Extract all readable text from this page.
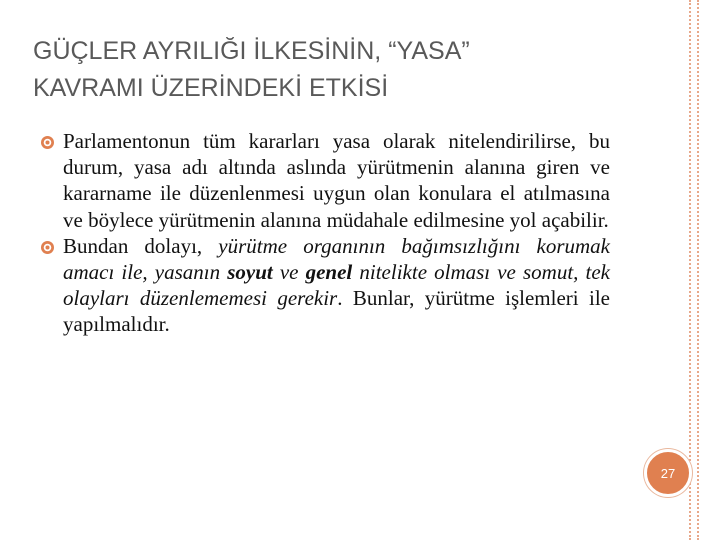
GÜÇLER AYRILIĞI İLKESİNİN, “YASA”
KAVRAMI ÜZERİNDEKİ ETKİSİ

Parlamentonun tüm kararları yasa olarak nitelendirilirse, bu durum, yasa adı altında aslında yürütmenin alanına giren ve kararname ile düzenlenmesi uygun olan konulara el atılmasına ve böylece yürütmenin alanına müdahale edilmesine yol açabilir.

Bundan dolayı, yürütme organının bağımsızlığını korumak amacı ile, yasanın soyut ve genel nitelikte olması ve somut, tek olayları düzenlememesi gerekir. Bunlar, yürütme işlemleri ile yapılmalıdır.

27
